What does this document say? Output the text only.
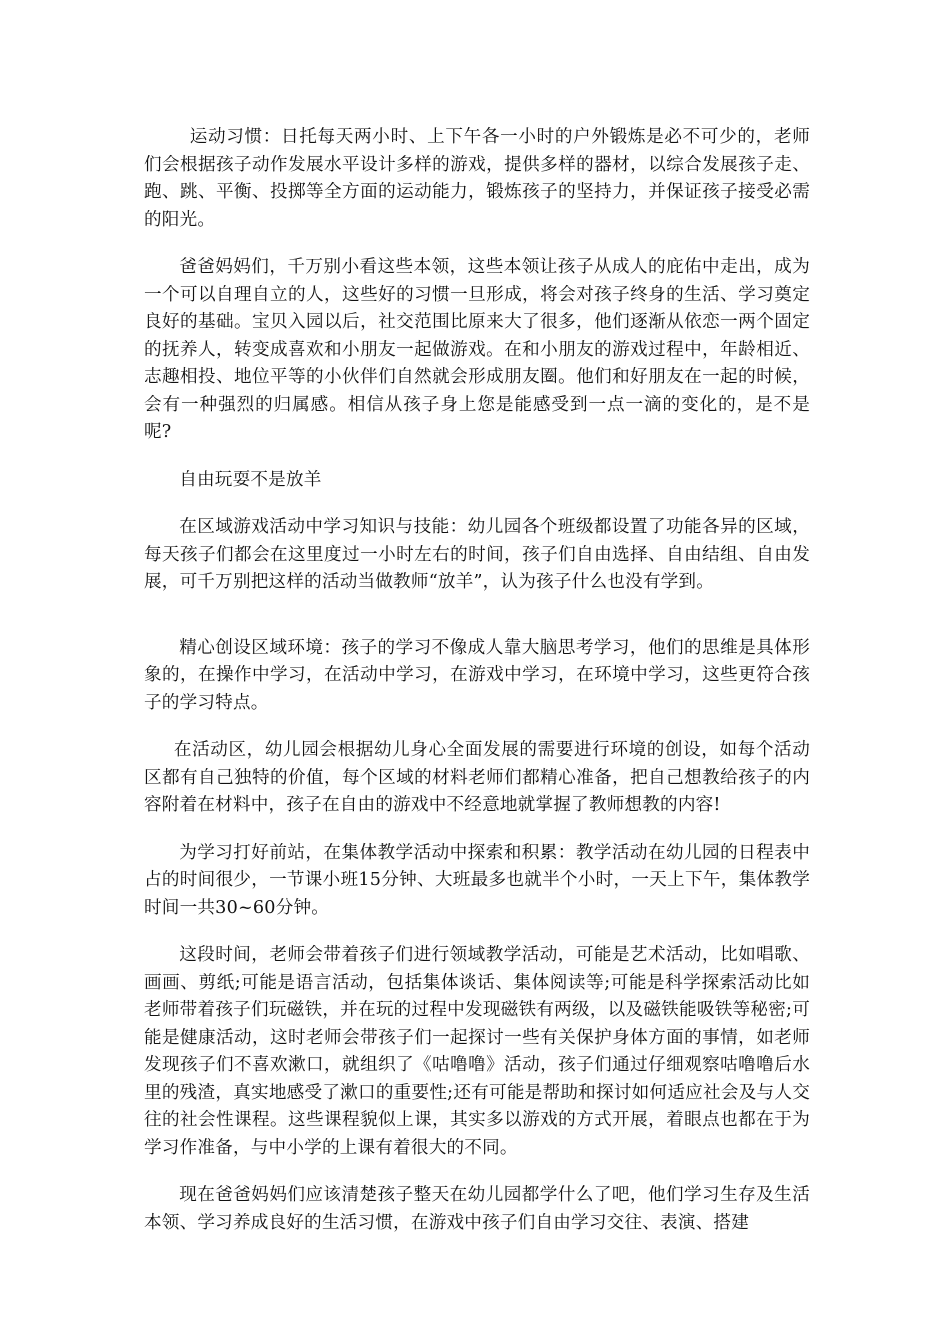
运动习惯：日托每天两小时、上下午各一小时的户外锻炼是必不可少的，老师们会根据孩子动作发展水平设计多样的游戏，提供多样的器材，以综合发展孩子走、跑、跳、平衡、投掷等全方面的运动能力，锻炼孩子的坚持力，并保证孩子接受必需的阳光。

爸爸妈妈们，千万别小看这些本领，这些本领让孩子从成人的庇佑中走出，成为一个可以自理自立的人，这些好的习惯一旦形成，将会对孩子终身的生活、学习奠定良好的基础。宝贝入园以后，社交范围比原来大了很多，他们逐渐从依恋一两个固定的抚养人，转变成喜欢和小朋友一起做游戏。在和小朋友的游戏过程中，年龄相近、志趣相投、地位平等的小伙伴们自然就会形成朋友圈。他们和好朋友在一起的时候，会有一种强烈的归属感。相信从孩子身上您是能感受到一点一滴的变化的，是不是呢?

自由玩耍不是放羊

在区域游戏活动中学习知识与技能：幼儿园各个班级都设置了功能各异的区域，每天孩子们都会在这里度过一小时左右的时间，孩子们自由选择、自由结组、自由发展，可千万别把这样的活动当做教师“放羊”，认为孩子什么也没有学到。

精心创设区域环境：孩子的学习不像成人靠大脑思考学习，他们的思维是具体形象的，在操作中学习，在活动中学习，在游戏中学习，在环境中学习，这些更符合孩子的学习特点。

在活动区，幼儿园会根据幼儿身心全面发展的需要进行环境的创设，如每个活动区都有自己独特的价值，每个区域的材料老师们都精心准备，把自己想教给孩子的内容附着在材料中，孩子在自由的游戏中不经意地就掌握了教师想教的内容!

为学习打好前站，在集体教学活动中探索和积累：教学活动在幼儿园的日程表中占的时间很少，一节课小班15分钟、大班最多也就半个小时，一天上下午，集体教学时间一共30~60分钟。

这段时间，老师会带着孩子们进行领域教学活动，可能是艺术活动，比如唱歌、画画、剪纸;可能是语言活动，包括集体谈话、集体阅读等;可能是科学探索活动比如老师带着孩子们玩磁铁，并在玩的过程中发现磁铁有两级，以及磁铁能吸铁等秘密;可能是健康活动，这时老师会带孩子们一起探讨一些有关保护身体方面的事情，如老师发现孩子们不喜欢漱口，就组织了《咕噜噜》活动，孩子们通过仔细观察咕噜噜后水里的残渣，真实地感受了漱口的重要性;还有可能是帮助和探讨如何适应社会及与人交往的社会性课程。这些课程貌似上课，其实多以游戏的方式开展，着眼点也都在于为学习作准备，与中小学的上课有着很大的不同。

现在爸爸妈妈们应该清楚孩子整天在幼儿园都学什么了吧，他们学习生存及生活本领、学习养成良好的生活习惯，在游戏中孩子们自由学习交往、表演、搭建
